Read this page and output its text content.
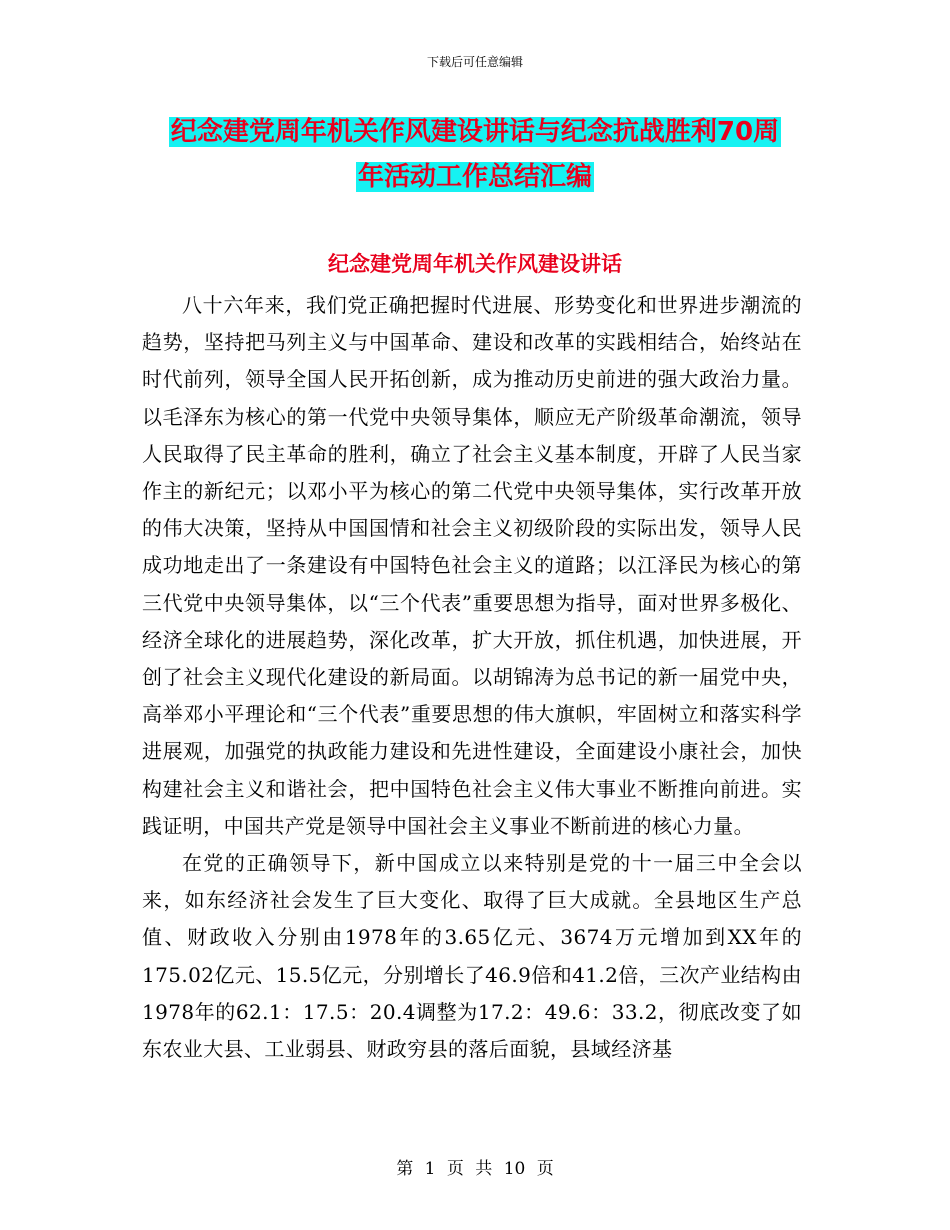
下载后可任意编辑
纪念建党周年机关作风建设讲话与纪念抗战胜利70周
年活动工作总结汇编
纪念建党周年机关作风建设讲话

八十六年来，我们党正确把握时代进展、形势变化和世界进步潮流的趋势，坚持把马列主义与中国革命、建设和改革的实践相结合，始终站在时代前列，领导全国人民开拓创新，成为推动历史前进的强大政治力量。以毛泽东为核心的第一代党中央领导集体，顺应无产阶级革命潮流，领导人民取得了民主革命的胜利，确立了社会主义基本制度，开辟了人民当家作主的新纪元；以邓小平为核心的第二代党中央领导集体，实行改革开放的伟大决策，坚持从中国国情和社会主义初级阶段的实际出发，领导人民成功地走出了一条建设有中国特色社会主义的道路；以江泽民为核心的第三代党中央领导集体，以“三个代表”重要思想为指导，面对世界多极化、经济全球化的进展趋势，深化改革，扩大开放，抓住机遇，加快进展，开创了社会主义现代化建设的新局面。以胡锦涛为总书记的新一届党中央，高举邓小平理论和“三个代表”重要思想的伟大旗帜，牢固树立和落实科学进展观，加强党的执政能力建设和先进性建设，全面建设小康社会，加快构建社会主义和谐社会，把中国特色社会主义伟大事业不断推向前进。实践证明，中国共产党是领导中国社会主义事业不断前进的核心力量。

在党的正确领导下，新中国成立以来特别是党的十一届三中全会以来，如东经济社会发生了巨大变化、取得了巨大成就。全县地区生产总值、财政收入分别由1978年的3.65亿元、3674万元增加到XX年的175.02亿元、15.5亿元，分别增长了46.9倍和41.2倍，三次产业结构由1978年的62.1：17.5：20.4调整为17.2：49.6：33.2，彻底改变了如东农业大县、工业弱县、财政穷县的落后面貌，县域经济基

第 1 页 共 10 页
